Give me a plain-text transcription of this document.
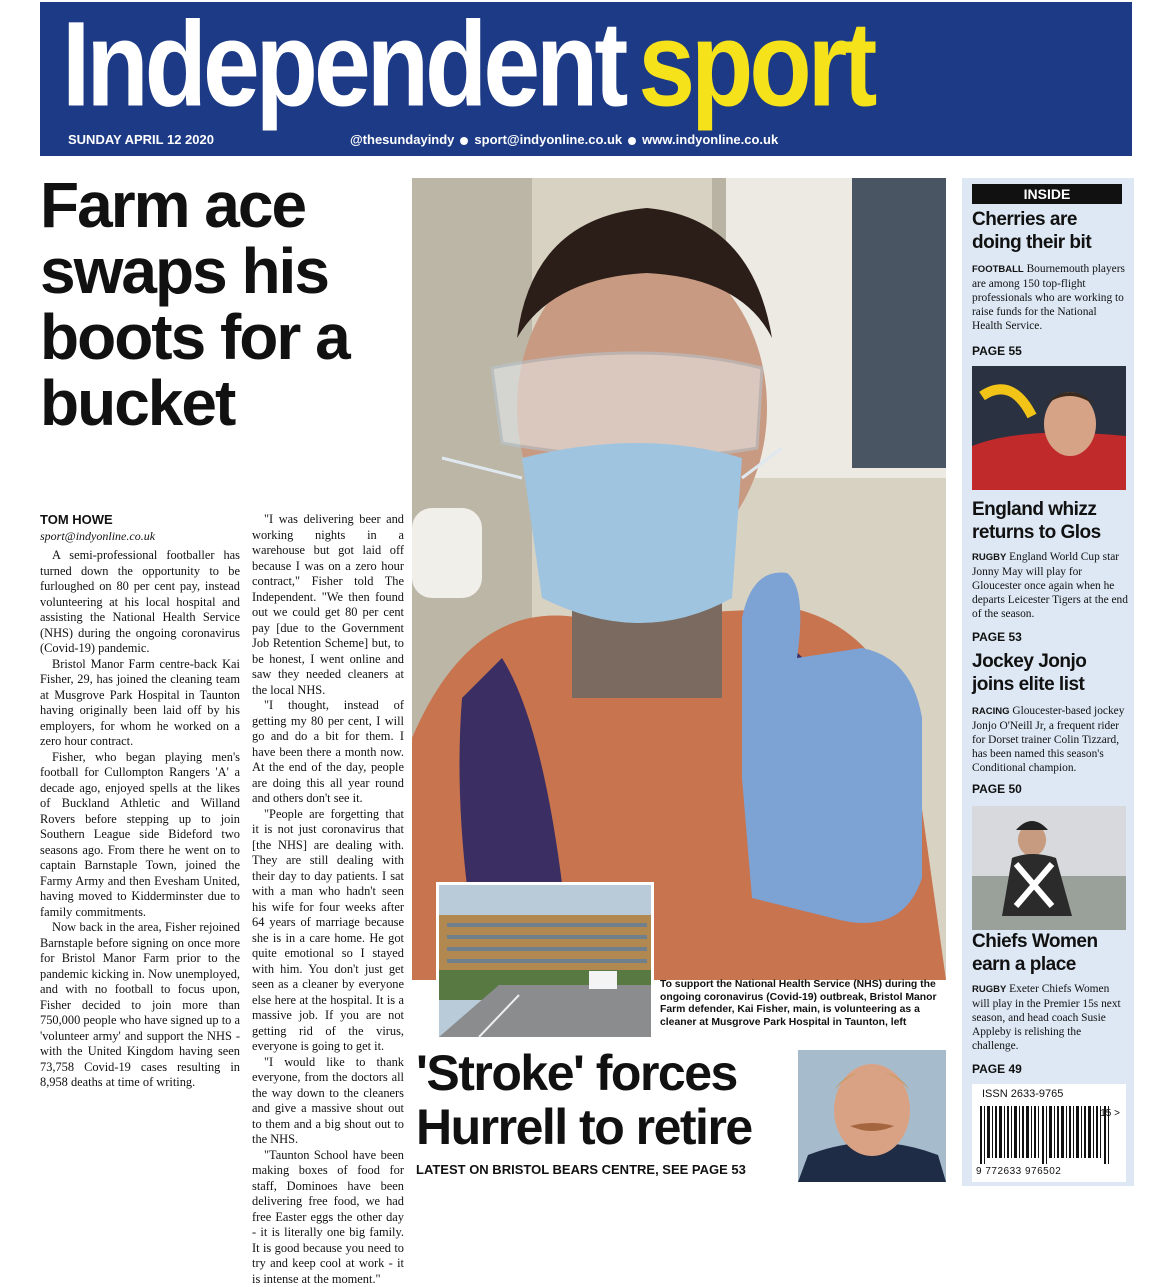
Independent sport
SUNDAY APRIL 12 2020	@thesundayindy sport@indyonline.co.uk www.indyonline.co.uk
Farm ace swaps his boots for a bucket
TOM HOWE
sport@indyonline.co.uk

A semi-professional footballer has turned down the opportunity to be furloughed on 80 per cent pay, instead volunteering at his local hospital and assisting the National Health Service (NHS) during the ongoing coronavirus (Covid-19) pandemic.

Bristol Manor Farm centre-back Kai Fisher, 29, has joined the cleaning team at Musgrove Park Hospital in Taunton having originally been laid off by his employers, for whom he worked on a zero hour contract.

Fisher, who began playing men's football for Cullompton Rangers 'A' a decade ago, enjoyed spells at the likes of Buckland Athletic and Willand Rovers before stepping up to join Southern League side Bideford two seasons ago. From there he went on to captain Barnstaple Town, joined the Farmy Army and then Evesham United, having moved to Kidderminster due to family commitments.

Now back in the area, Fisher rejoined Barnstaple before signing on once more for Bristol Manor Farm prior to the pandemic kicking in. Now unemployed, and with no football to focus upon, Fisher decided to join more than 750,000 people who have signed up to a 'volunteer army' and support the NHS - with the United Kingdom having seen 73,758 Covid-19 cases resulting in 8,958 deaths at time of writing.

"I was delivering beer and working nights in a warehouse but got laid off because I was on a zero hour contract," Fisher told The Independent. "We then found out we could get 80 per cent pay [due to the Government Job Retention Scheme] but, to be honest, I went online and saw they needed cleaners at the local NHS.

"I thought, instead of getting my 80 per cent, I will go and do a bit for them. I have been there a month now. At the end of the day, people are doing this all year round and others don't see it.

"People are forgetting that it is not just coronavirus that [the NHS] are dealing with. They are still dealing with their day to day patients. I sat with a man who hadn't seen his wife for four weeks after 64 years of marriage because she is in a care home. He got quite emotional so I stayed with him. You don't just get seen as a cleaner by everyone else here at the hospital. It is a massive job. If you are not getting rid of the virus, everyone is going to get it.

"I would like to thank everyone, from the doctors all the way down to the cleaners and give a massive shout out to them and a big shout out to the NHS.

"Taunton School have been making boxes of food for staff, Dominoes have been delivering free food, we had free Easter eggs the other day - it is literally one big family. It is good because you need to try and keep cool at work - it is intense at the moment."

To support the National Health Service (NHS) during the ongoing coronavirus (Covid-19) outbreak, Bristol Manor Farm defender, Kai Fisher, main, is volunteering as a cleaner at Musgrove Park Hospital in Taunton, left
'Stroke' forces Hurrell to retire
LATEST ON BRISTOL BEARS CENTRE, SEE PAGE 53
INSIDE
Cherries are doing their bit
FOOTBALL Bournemouth players are among 150 top-flight professionals who are working to raise funds for the National Health Service.
PAGE 55
England whizz returns to Glos
RUGBY England World Cup star Jonny May will play for Gloucester once again when he departs Leicester Tigers at the end of the season.
PAGE 53
Jockey Jonjo joins elite list
RACING Gloucester-based jockey Jonjo O'Neill Jr, a frequent rider for Dorset trainer Colin Tizzard, has been named this season's Conditional champion.
PAGE 50
Chiefs Women earn a place
RUGBY Exeter Chiefs Women will play in the Premier 15s next season, and head coach Susie Appleby is relishing the challenge.
PAGE 49
ISSN 2633-9765
15 >
9 772633 976502
